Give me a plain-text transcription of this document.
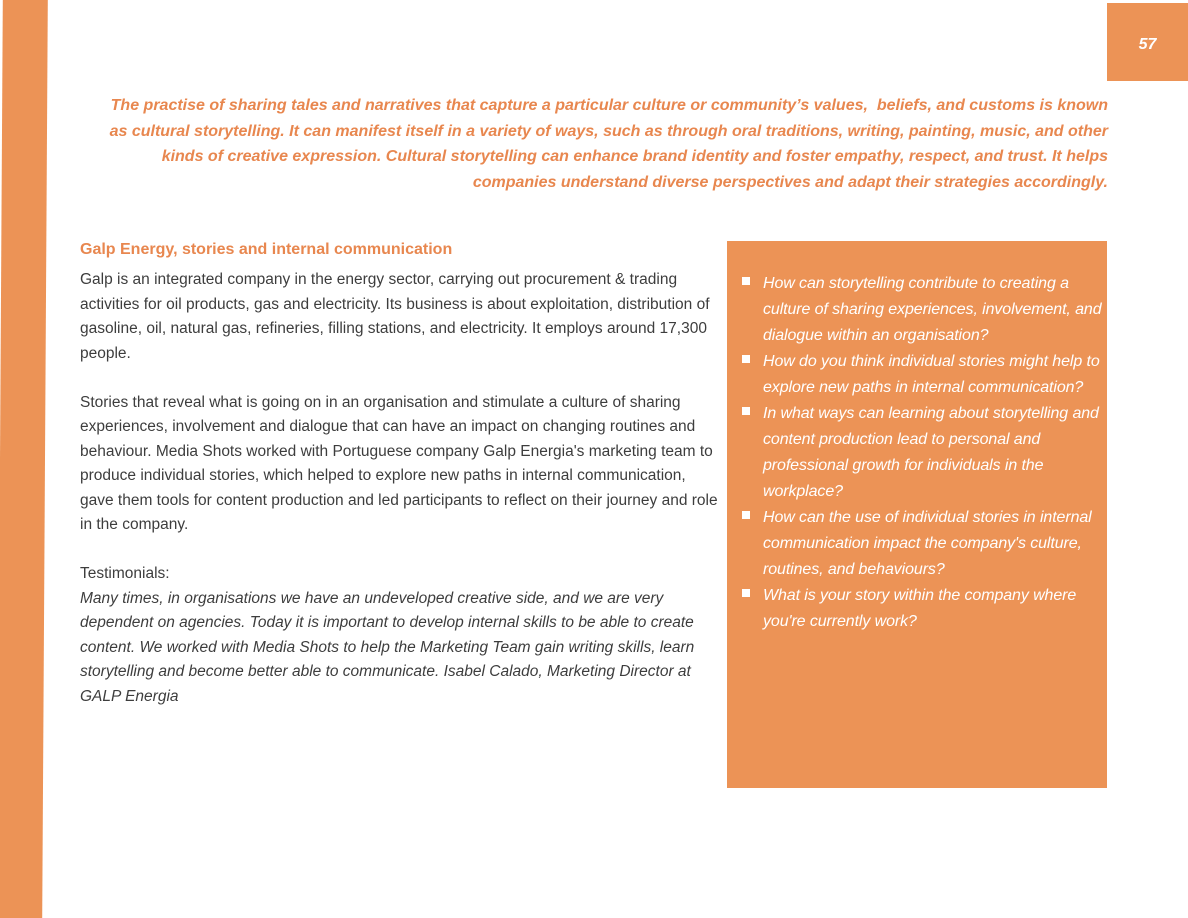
57
The practise of sharing tales and narratives that capture a particular culture or community’s values,  beliefs, and customs is known as cultural storytelling. It can manifest itself in a variety of ways, such as through oral traditions, writing, painting, music, and other kinds of creative expression. Cultural storytelling can enhance brand identity and foster empathy, respect, and trust. It helps companies understand diverse perspectives and adapt their strategies accordingly.
Galp Energy, stories and internal communication

Galp is an integrated company in the energy sector, carrying out procurement & trading activities for oil products, gas and electricity. Its business is about exploitation, distribution of gasoline, oil, natural gas, refineries, filling stations, and electricity. It employs around 17,300 people.

Stories that reveal what is going on in an organisation and stimulate a culture of sharing experiences, involvement and dialogue that can have an impact on changing routines and behaviour. Media Shots worked with Portuguese company Galp Energia's marketing team to produce individual stories, which helped to explore new paths in internal communication, gave them tools for content production and led participants to reflect on their journey and role in the company.

Testimonials:

Many times, in organisations we have an undeveloped creative side, and we are very dependent on agencies. Today it is important to develop internal skills to be able to create content. We worked with Media Shots to help the Marketing Team gain writing skills, learn storytelling and become better able to communicate. Isabel Calado, Marketing Director at GALP Energia

How can storytelling contribute to creating a culture of sharing experiences, involvement, and dialogue within an organisation?
How do you think individual stories might help to explore new paths in internal communication?
In what ways can learning about storytelling and content production lead to personal and professional growth for individuals in the workplace?
How can the use of individual stories in internal communication impact the company's culture, routines, and behaviours?
What is your story within the company where you're currently work?
